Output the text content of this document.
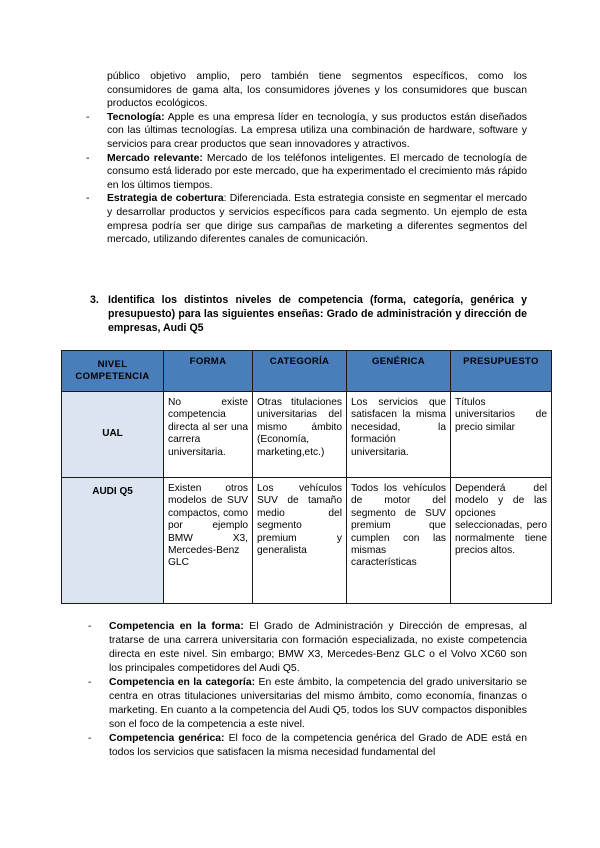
público objetivo amplio, pero también tiene segmentos específicos, como los consumidores de gama alta, los consumidores jóvenes y los consumidores que buscan productos ecológicos.

- Tecnología: Apple es una empresa líder en tecnología, y sus productos están diseñados con las últimas tecnologías. La empresa utiliza una combinación de hardware, software y servicios para crear productos que sean innovadores y atractivos.
- Mercado relevante: Mercado de los teléfonos inteligentes. El mercado de tecnología de consumo está liderado por este mercado, que ha experimentado el crecimiento más rápido en los últimos tiempos.
- Estrategia de cobertura: Diferenciada. Esta estrategia consiste en segmentar el mercado y desarrollar productos y servicios específicos para cada segmento. Un ejemplo de esta empresa podría ser que dirige sus campañas de marketing a diferentes segmentos del mercado, utilizando diferentes canales de comunicación.
3. Identifica los distintos niveles de competencia (forma, categoría, genérica y presupuesto) para las siguientes enseñas: Grado de administración y dirección de empresas, Audi Q5
NIVEL COMPETENCIA	FORMA	CATEGORÍA	GENÉRICA	PRESUPUESTO
UAL	No existe competencia directa al ser una carrera universitaria.	Otras titulaciones universitarias del mismo ámbito (Economía, marketing,etc.)	Los servicios que satisfacen la misma necesidad, la formación universitaria.	Títulos universitarios de precio similar
AUDI Q5	Existen otros modelos de SUV compactos, como por ejemplo BMW X3, Mercedes-Benz GLC	Los vehículos SUV de tamaño medio del segmento premium y generalista	Todos los vehículos de motor del segmento de SUV premium que cumplen con las mismas características	Dependerá del modelo y de las opciones seleccionadas, pero normalmente tiene precios altos.
- Competencia en la forma: El Grado de Administración y Dirección de empresas, al tratarse de una carrera universitaria con formación especializada, no existe competencia directa en este nivel. Sin embargo; BMW X3, Mercedes-Benz GLC o el Volvo XC60 son los principales competidores del Audi Q5.
- Competencia en la categoría: En este ámbito, la competencia del grado universitario se centra en otras titulaciones universitarias del mismo ámbito, como economía, finanzas o marketing. En cuanto a la competencia del Audi Q5, todos los SUV compactos disponibles son el foco de la competencia a este nivel.
- Competencia genérica: El foco de la competencia genérica del Grado de ADE está en todos los servicios que satisfacen la misma necesidad fundamental del
